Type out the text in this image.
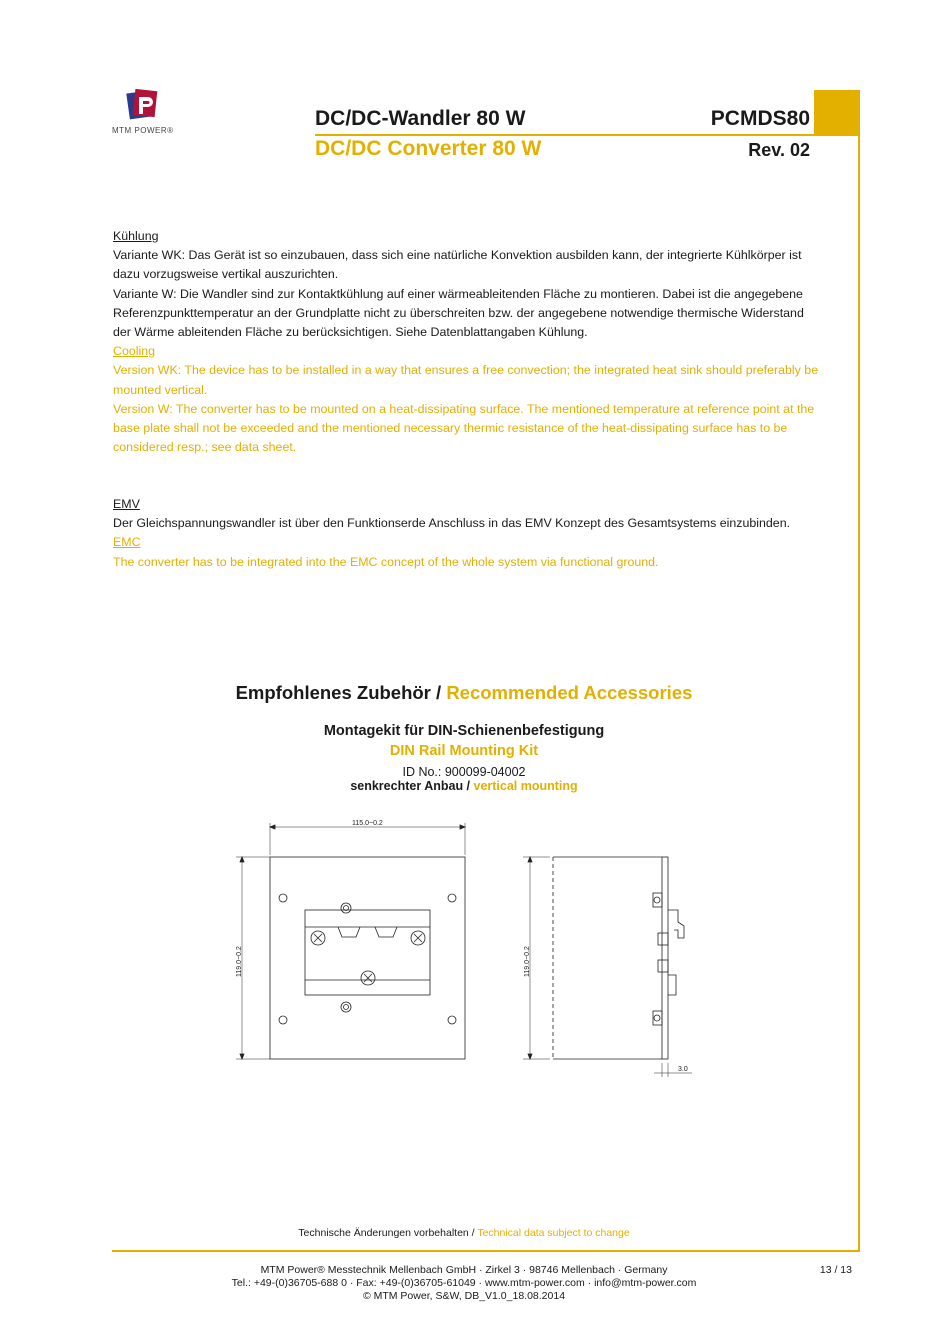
MTM POWER®
DC/DC-Wandler 80 W
DC/DC Converter 80 W
PCMDS80
Rev. 02

Kühlung

Variante WK: Das Gerät ist so einzubauen, dass sich eine natürliche Konvektion ausbilden kann, der integrierte Kühlkörper ist dazu vorzugsweise vertikal auszurichten.

Variante W: Die Wandler sind zur Kontaktkühlung auf einer wärmeableitenden Fläche zu montieren. Dabei ist die angegebene Referenzpunkttemperatur an der Grundplatte nicht zu überschreiten bzw. der angegebene notwendige thermische Widerstand der Wärme ableitenden Fläche zu berücksichtigen. Siehe Datenblattangaben Kühlung.

Cooling

Version WK: The device has to be installed in a way that ensures a free convection; the integrated heat sink should preferably be mounted vertical.

Version W: The converter has to be mounted on a heat-dissipating surface. The mentioned temperature at reference point at the base plate shall not be exceeded and the mentioned necessary thermic resistance of the heat-dissipating surface has to be considered resp.; see data sheet.

EMV

Der Gleichspannungswandler ist über den Funktionserde Anschluss in das EMV Konzept des Gesamtsystems einzubinden.

EMC

The converter has to be integrated into the EMC concept of the whole system via functional ground.

Empfohlenes Zubehör / Recommended Accessories
Montagekit für DIN-Schienenbefestigung
DIN Rail Mounting Kit
ID No.: 900099-04002
senkrechter Anbau / vertical mounting
115.0−0.2
119.0−0.2	119.0−0.2
3.0
Technische Änderungen vorbehalten / Technical data subject to change
MTM Power® Messtechnik Mellenbach GmbH · Zirkel 3 · 98746 Mellenbach · Germany
Tel.: +49-(0)36705-688 0 · Fax: +49-(0)36705-61049 · www.mtm-power.com · info@mtm-power.com
© MTM Power, S&W, DB_V1.0_18.08.2014
13 / 13
